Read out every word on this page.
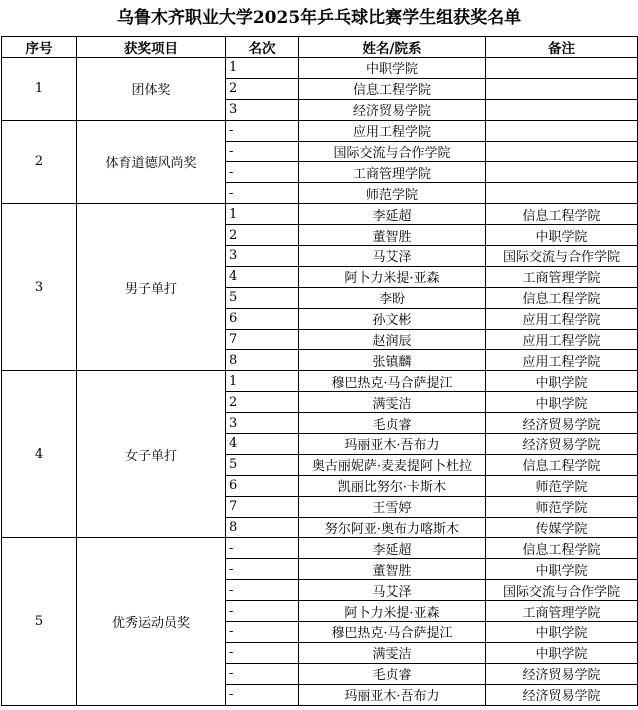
乌鲁木齐职业大学2025年乒乓球比赛学生组获奖名单
序号	获奖项目	名次	姓名/院系	备注
1	团体奖	1	中职学院	
		2	信息工程学院	
		3	经济贸易学院	
2	体育道德风尚奖	-	应用工程学院	
		-	国际交流与合作学院	
		-	工商管理学院	
		-	师范学院	
3	男子单打	1	李延超	信息工程学院
		2	董智胜	中职学院
		3	马艾泽	国际交流与合作学院
		4	阿卜力米提·亚森	工商管理学院
		5	李盼	信息工程学院
		6	孙文彬	应用工程学院
		7	赵润辰	应用工程学院
		8	张镇麟	应用工程学院
4	女子单打	1	穆巴热克·马合萨提江	中职学院
		2	满雯洁	中职学院
		3	毛贞睿	经济贸易学院
		4	玛丽亚木·吾布力	经济贸易学院
		5	奥古丽妮萨·麦麦提阿卜杜拉	信息工程学院
		6	凯丽比努尔·卡斯木	师范学院
		7	王雪婷	师范学院
		8	努尔阿亚·奥布力喀斯木	传媒学院
5	优秀运动员奖	-	李延超	信息工程学院
		-	董智胜	中职学院
		-	马艾泽	国际交流与合作学院
		-	阿卜力米提·亚森	工商管理学院
		-	穆巴热克·马合萨提江	中职学院
		-	满雯洁	中职学院
		-	毛贞睿	经济贸易学院
		-	玛丽亚木·吾布力	经济贸易学院
